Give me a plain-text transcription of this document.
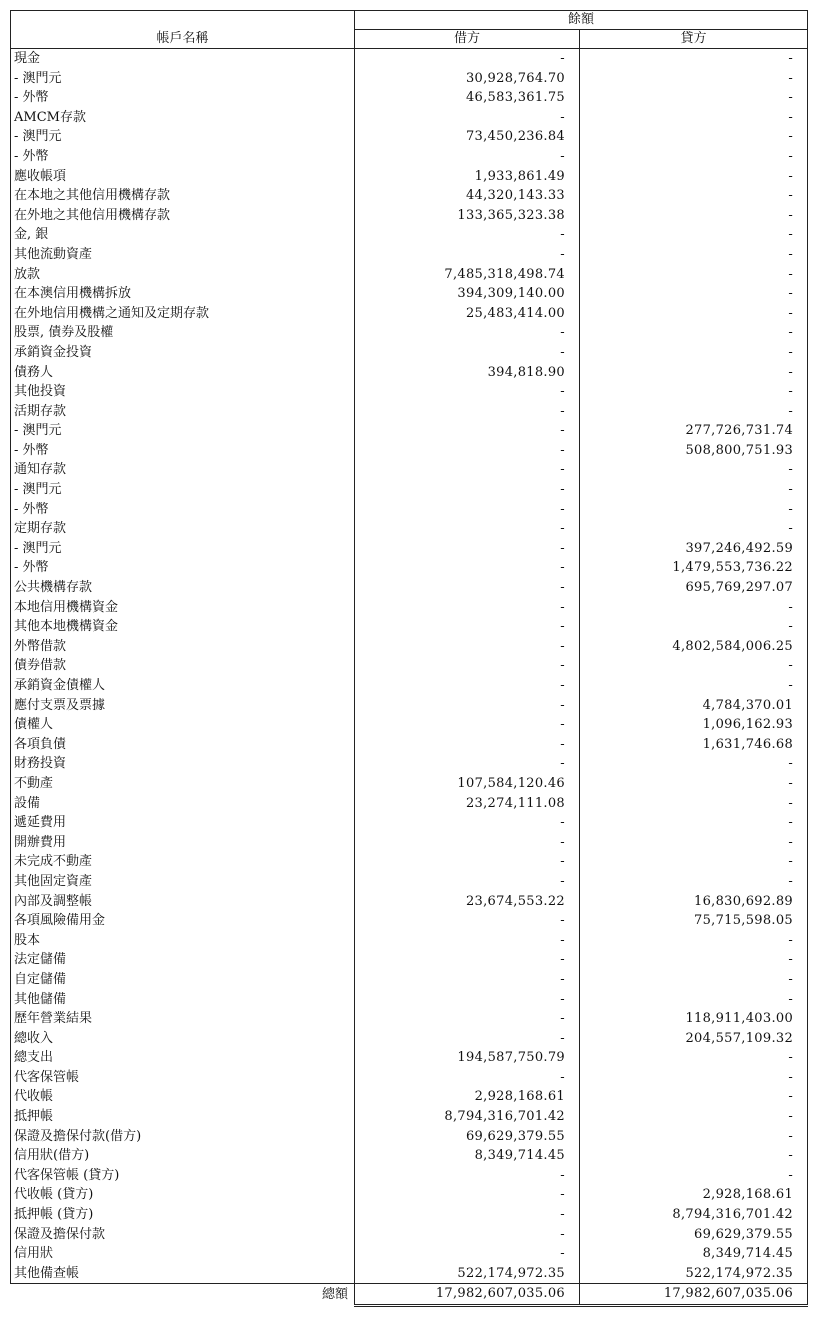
帳戶名稱	餘額	
	借方	貸方
現金	-	-
- 澳門元	30,928,764.70	-
- 外幣	46,583,361.75	-
AMCM存款	-	-
- 澳門元	73,450,236.84	-
- 外幣	-	-
應收帳項	1,933,861.49	-
在本地之其他信用機構存款	44,320,143.33	-
在外地之其他信用機構存款	133,365,323.38	-
金, 銀	-	-
其他流動資產	-	-
放款	7,485,318,498.74	-
在本澳信用機構拆放	394,309,140.00	-
在外地信用機構之通知及定期存款	25,483,414.00	-
股票, 債券及股權	-	-
承銷資金投資	-	-
債務人	394,818.90	-
其他投資	-	-
活期存款	-	-
- 澳門元	-	277,726,731.74
- 外幣	-	508,800,751.93
通知存款	-	-
- 澳門元	-	-
- 外幣	-	-
定期存款	-	-
- 澳門元	-	397,246,492.59
- 外幣	-	1,479,553,736.22
公共機構存款	-	695,769,297.07
本地信用機構資金	-	-
其他本地機構資金	-	-
外幣借款	-	4,802,584,006.25
債券借款	-	-
承銷資金債權人	-	-
應付支票及票據	-	4,784,370.01
債權人	-	1,096,162.93
各項負債	-	1,631,746.68
財務投資	-	-
不動產	107,584,120.46	-
設備	23,274,111.08	-
遞延費用	-	-
開辦費用	-	-
未完成不動產	-	-
其他固定資產	-	-
內部及調整帳	23,674,553.22	16,830,692.89
各項風險備用金	-	75,715,598.05
股本	-	-
法定儲備	-	-
自定儲備	-	-
其他儲備	-	-
歷年營業結果	-	118,911,403.00
總收入	-	204,557,109.32
總支出	194,587,750.79	-
代客保管帳	-	-
代收帳	2,928,168.61	-
抵押帳	8,794,316,701.42	-
保證及擔保付款(借方)	69,629,379.55	-
信用狀(借方)	8,349,714.45	-
代客保管帳 (貸方)	-	-
代收帳 (貸方)	-	2,928,168.61
抵押帳 (貸方)	-	8,794,316,701.42
保證及擔保付款	-	69,629,379.55
信用狀	-	8,349,714.45
其他備查帳	522,174,972.35	522,174,972.35
總額	17,982,607,035.06	17,982,607,035.06
